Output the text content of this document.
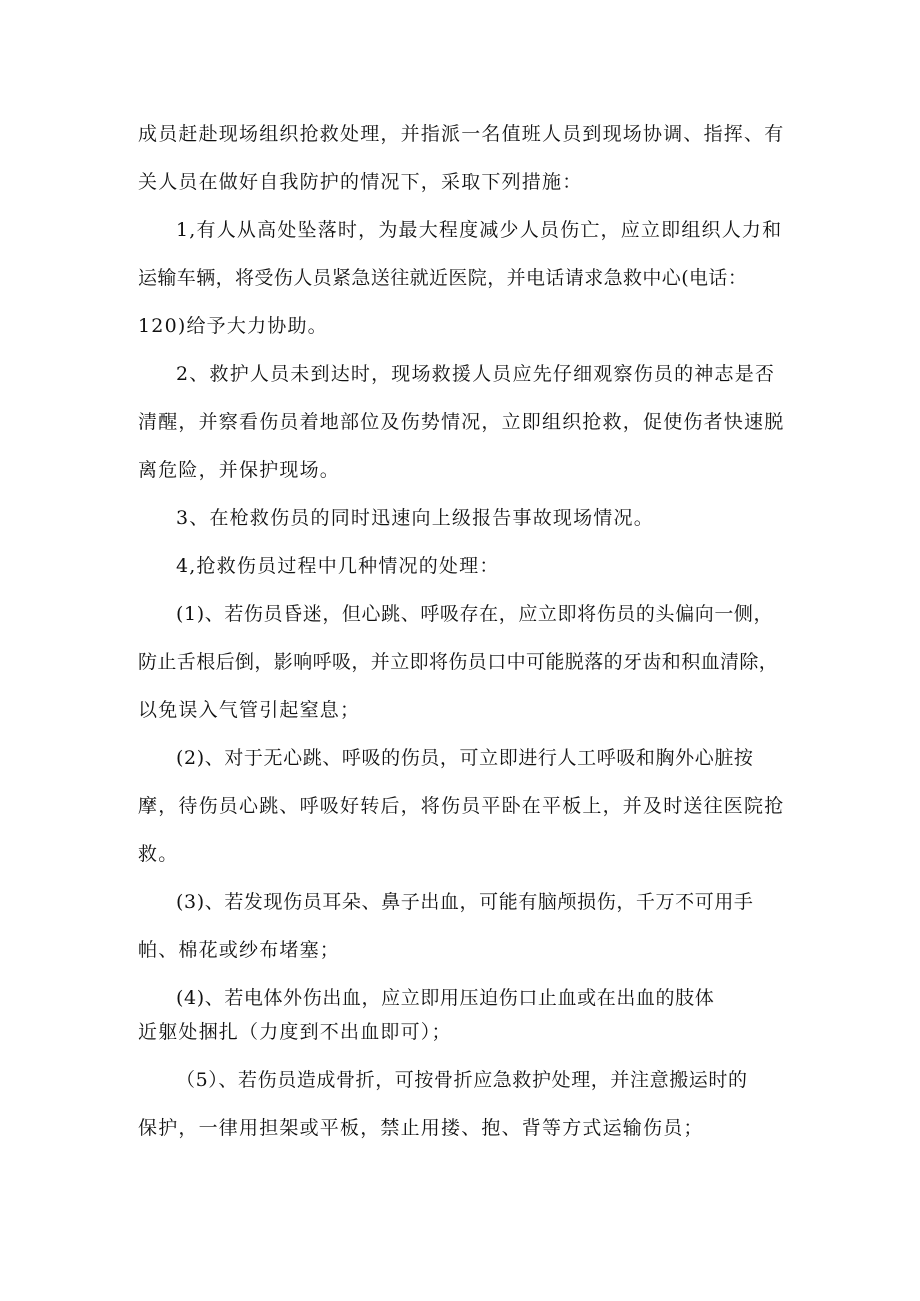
成员赶赴现场组织抢救处理，并指派一名值班人员到现场协调、指挥、有
关人员在做好自我防护的情况下，采取下列措施：
1,有人从高处坠落时，为最大程度减少人员伤亡，应立即组织人力和
运输车辆，将受伤人员紧急送往就近医院，并电话请求急救中心(电话：
120)给予大力协助。
2、救护人员未到达时，现场救援人员应先仔细观察伤员的神志是否
清醒，并察看伤员着地部位及伤势情况，立即组织抢救，促使伤者快速脱
离危险，并保护现场。
3、在枪救伤员的同时迅速向上级报告事故现场情况。
4,抢救伤员过程中几种情况的处理：
(1)、若伤员昏迷，但心跳、呼吸存在，应立即将伤员的头偏向一侧，
防止舌根后倒，影响呼吸，并立即将伤员口中可能脱落的牙齿和积血清除，
以免误入气管引起窒息；
(2)、对于无心跳、呼吸的伤员，可立即进行人工呼吸和胸外心脏按
摩，待伤员心跳、呼吸好转后，将伤员平卧在平板上，并及时送往医院抢
救。
(3)、若发现伤员耳朵、鼻子出血，可能有脑颅损伤，千万不可用手
帕、棉花或纱布堵塞；
(4)、若电体外伤出血，应立即用压迫伤口止血或在出血的肢体
近躯处捆扎（力度到不出血即可）；
（5）、若伤员造成骨折，可按骨折应急救护处理，并注意搬运时的
保护，一律用担架或平板，禁止用搂、抱、背等方式运输伤员；
